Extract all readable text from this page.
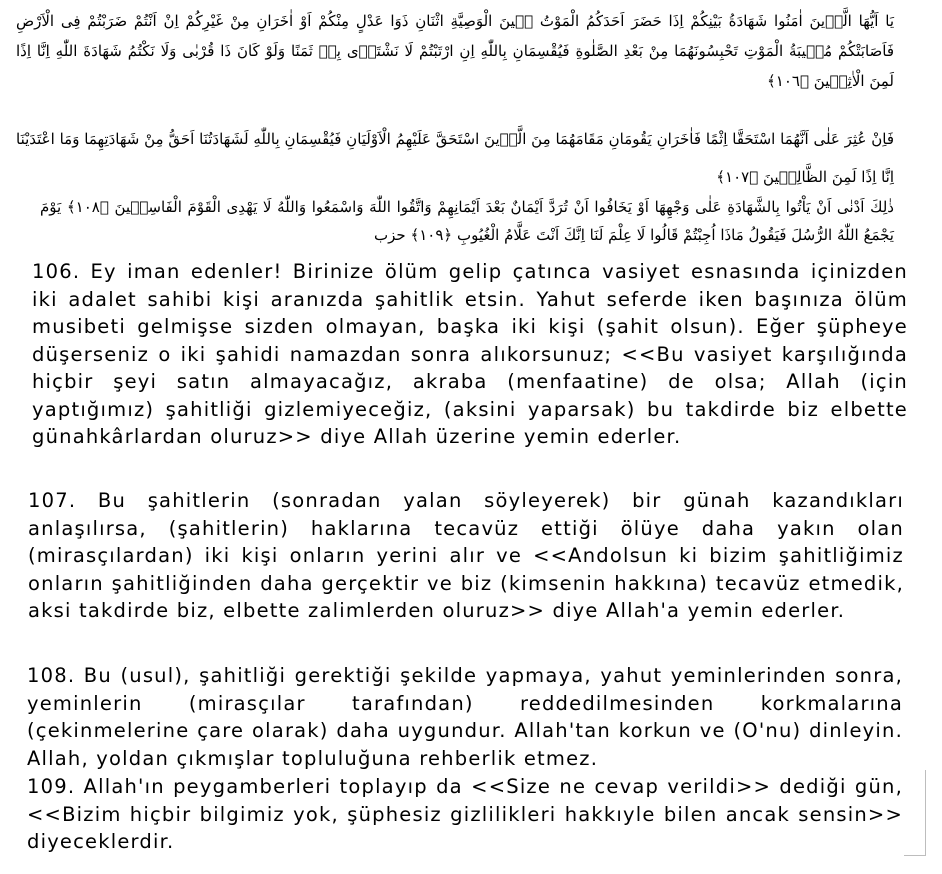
يَا اَيُّهَا الَّذٖينَ اٰمَنُوا شَهَادَةُ بَيْنِكُمْ اِذَا حَضَرَ اَحَدَكُمُ الْمَوْتُ حٖينَ الْوَصِيَّةِ اثْنَانِ ذَوَا عَدْلٍ مِنْكُمْ اَوْ اٰخَرَانِ مِنْ غَيْرِكُمْ اِنْ اَنْتُمْ ضَرَبْتُمْ فِى الْاَرْضِ فَاَصَابَتْكُمْ مُصٖيبَةُ الْمَوْتِ تَحْبِسُونَهُمَا مِنْ بَعْدِ الصَّلٰوةِ فَيُقْسِمَانِ بِاللّٰهِ اِنِ ارْتَبْتُمْ لَا نَشْتَرٖى بِهٖ ثَمَنًا وَلَوْ كَانَ ذَا قُرْبٰى وَلَا نَكْتُمُ شَهَادَةَ اللّٰهِ اِنَّا اِذًا لَمِنَ الْاٰثِمٖينَ ﴿١٠٦﴾
فَاِنْ عُثِرَ عَلٰى اَنَّهُمَا اسْتَحَقَّا اِثْمًا فَاٰخَرَانِ يَقُومَانِ مَقَامَهُمَا مِنَ الَّذٖينَ اسْتَحَقَّ عَلَيْهِمُ الْاَوْلَيَانِ فَيُقْسِمَانِ بِاللّٰهِ لَشَهَادَتُنَا اَحَقُّ مِنْ شَهَادَتِهِمَا وَمَا اعْتَدَيْنَا اِنَّا اِذًا لَمِنَ الظَّالِمٖينَ ﴿١٠٧﴾
ذٰلِكَ اَدْنٰى اَنْ يَاْتُوا بِالشَّهَادَةِ عَلٰى وَجْهِهَا اَوْ يَخَافُوا اَنْ تُرَدَّ اَيْمَانٌ بَعْدَ اَيْمَانِهِمْ وَاتَّقُوا اللّٰهَ وَاسْمَعُوا وَاللّٰهُ لَا يَهْدِى الْقَوْمَ الْفَاسِقٖينَ ﴿١٠٨﴾ يَوْمَ يَجْمَعُ اللّٰهُ الرُّسُلَ فَيَقُولُ مَاذَا اُجِبْتُمْ قَالُوا لَا عِلْمَ لَنَا اِنَّكَ اَنْتَ عَلَّامُ الْغُيُوبِ ﴿١٠٩﴾ حزب

106. Ey iman edenler! Birinize ölüm gelip çatınca vasiyet esnasında içinizden iki adalet sahibi kişi aranızda şahitlik etsin. Yahut seferde iken başınıza ölüm musibeti gelmişse sizden olmayan, başka iki kişi (şahit olsun). Eğer şüpheye düşerseniz o iki şahidi namazdan sonra alıkorsunuz; <<Bu vasiyet karşılığında hiçbir şeyi satın almayacağız, akraba (menfaatine) de olsa; Allah (için yaptığımız) şahitliği gizlemiyeceğiz, (aksini yaparsak) bu takdirde biz elbette günahkârlardan oluruz>> diye Allah üzerine yemin ederler.

107. Bu şahitlerin (sonradan yalan söyleyerek) bir günah kazandıkları anlaşılırsa, (şahitlerin) haklarına tecavüz ettiği ölüye daha yakın olan (mirasçılardan) iki kişi onların yerini alır ve <<Andolsun ki bizim şahitliğimiz onların şahitliğinden daha gerçektir ve biz (kimsenin hakkına) tecavüz etmedik, aksi takdirde biz, elbette zalimlerden oluruz>> diye Allah'a yemin ederler.

108. Bu (usul), şahitliği gerektiği şekilde yapmaya, yahut yeminlerinden sonra, yeminlerin (mirasçılar tarafından) reddedilmesinden korkmalarına (çekinmelerine çare olarak) daha uygundur. Allah'tan korkun ve (O'nu) dinleyin. Allah, yoldan çıkmışlar topluluğuna rehberlik etmez.

109. Allah'ın peygamberleri toplayıp da <<Size ne cevap verildi>> dediği gün, <<Bizim hiçbir bilgimiz yok, şüphesiz gizlilikleri hakkıyle bilen ancak sensin>> diyeceklerdir.
